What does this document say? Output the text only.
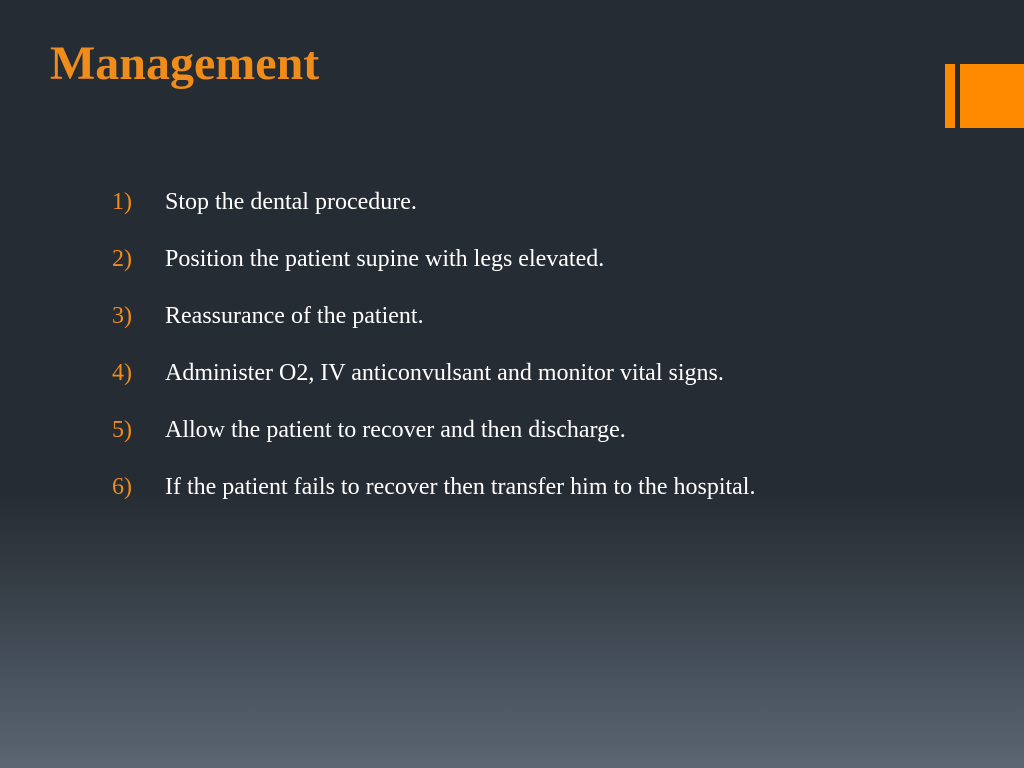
Management
1)	Stop the dental procedure.
2)	Position the patient supine with legs elevated.
3)	Reassurance of the patient.
4)	Administer O2, IV anticonvulsant and monitor vital signs.
5)	Allow the patient to recover and then discharge.
6)	If the patient fails to recover then transfer him to the hospital.
